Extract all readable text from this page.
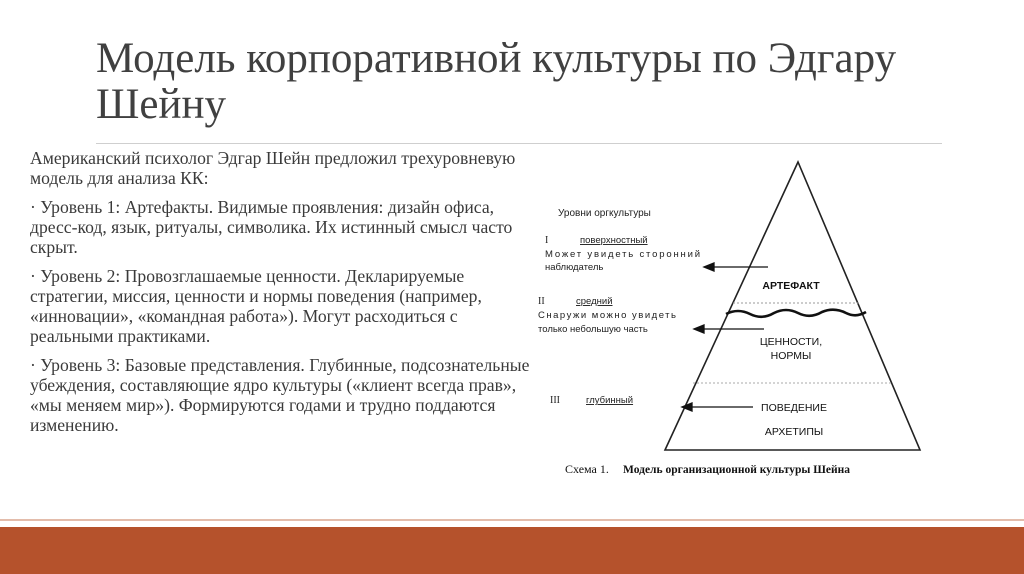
Модель корпоративной культуры по Эдгару Шейну

Американский психолог Эдгар Шейн предложил трехуровневую модель для анализа КК:

· Уровень 1: Артефакты. Видимые проявления: дизайн офиса, дресс-код, язык, ритуалы, символика. Их истинный смысл часто скрыт.

· Уровень 2: Провозглашаемые ценности. Декларируемые стратегии, миссия, ценности и нормы поведения (например, «инновации», «командная работа»). Могут расходиться с реальными практиками.

· Уровень 3: Базовые представления. Глубинные, подсознательные убеждения, составляющие ядро культуры («клиент всегда прав», «мы меняем мир»). Формируются годами и трудно поддаются изменению.

Уровни оргкультуры
I	поверхностный
Может увидеть сторонний
наблюдатель
II	средний
Снаружи можно увидеть
только небольшую часть
III	глубинный
АРТЕФАКТ
ЦЕННОСТИ,
НОРМЫ
ПОВЕДЕНИЕ
АРХЕТИПЫ
Схема 1. Модель организационной культуры Шейна
